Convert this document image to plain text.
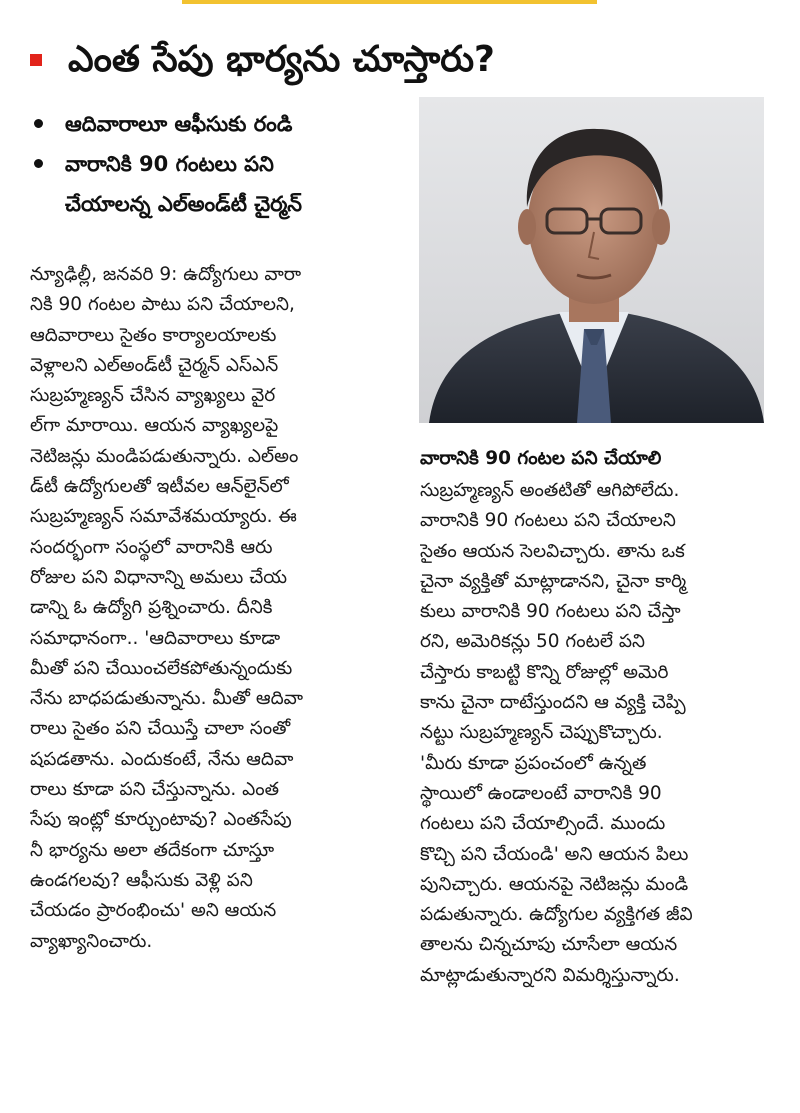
ఎంత సేపు భార్యను చూస్తారు?
ఆదివారాలూ ఆఫీసుకు రండి
వారానికి 90 గంటలు పని
చేయాలన్న ఎల్‌అండ్‌టీ చైర్మన్
వారానికి 90 గంటల పని చేయాలి
న్యూఢిల్లీ, జనవరి 9: ఉద్యోగులు వారా
నికి 90 గంటల పాటు పని చేయాలని,
ఆదివారాలు సైతం కార్యాలయాలకు
వెళ్లాలని ఎల్‌అండ్‌టీ చైర్మన్ ఎస్ఎన్
సుబ్రహ్మణ్యన్ చేసిన వ్యాఖ్యలు వైర
ల్‌గా మారాయి. ఆయన వ్యాఖ్యలపై
నెటిజన్లు మండిపడుతున్నారు. ఎల్‌అం
డ్‌టీ ఉద్యోగులతో ఇటీవల ఆన్‌లైన్‌లో
సుబ్రహ్మణ్యన్ సమావేశమయ్యారు. ఈ
సందర్భంగా సంస్థలో వారానికి ఆరు
రోజుల పని విధానాన్ని అమలు చేయ
డాన్ని ఓ ఉద్యోగి ప్రశ్నించారు. దీనికి
సమాధానంగా.. 'ఆదివారాలు కూడా
మీతో పని చేయించలేకపోతున్నందుకు
నేను బాధపడుతున్నాను. మీతో ఆదివా
రాలు సైతం పని చేయిస్తే చాలా సంతో
షపడతాను. ఎందుకంటే, నేను ఆదివా
రాలు కూడా పని చేస్తున్నాను. ఎంత
సేపు ఇంట్లో కూర్చుంటావు? ఎంతసేపు
నీ భార్యను అలా తదేకంగా చూస్తూ
ఉండగలవు? ఆఫీసుకు వెళ్లి పని
చేయడం ప్రారంభించు' అని ఆయన
వ్యాఖ్యానించారు.
సుబ్రహ్మణ్యన్ అంతటితో ఆగిపోలేదు.
వారానికి 90 గంటలు పని చేయాలని
సైతం ఆయన సెలవిచ్చారు. తాను ఒక
చైనా వ్యక్తితో మాట్లాడానని, చైనా కార్మి
కులు వారానికి 90 గంటలు పని చేస్తా
రని, అమెరికన్లు 50 గంటలే పని
చేస్తారు కాబట్టి కొన్ని రోజుల్లో అమెరి
కాను చైనా దాటేస్తుందని ఆ వ్యక్తి చెప్పి
నట్టు సుబ్రహ్మణ్యన్ చెప్పుకొచ్చారు.
'మీరు కూడా ప్రపంచంలో ఉన్నత
స్థాయిలో ఉండాలంటే వారానికి 90
గంటలు పని చేయాల్సిందే. ముందు
కొచ్చి పని చేయండి' అని ఆయన పిలు
పునిచ్చారు. ఆయనపై నెటిజన్లు మండి
పడుతున్నారు. ఉద్యోగుల వ్యక్తిగత జీవి
తాలను చిన్నచూపు చూసేలా ఆయన
మాట్లాడుతున్నారని విమర్శిస్తున్నారు.
